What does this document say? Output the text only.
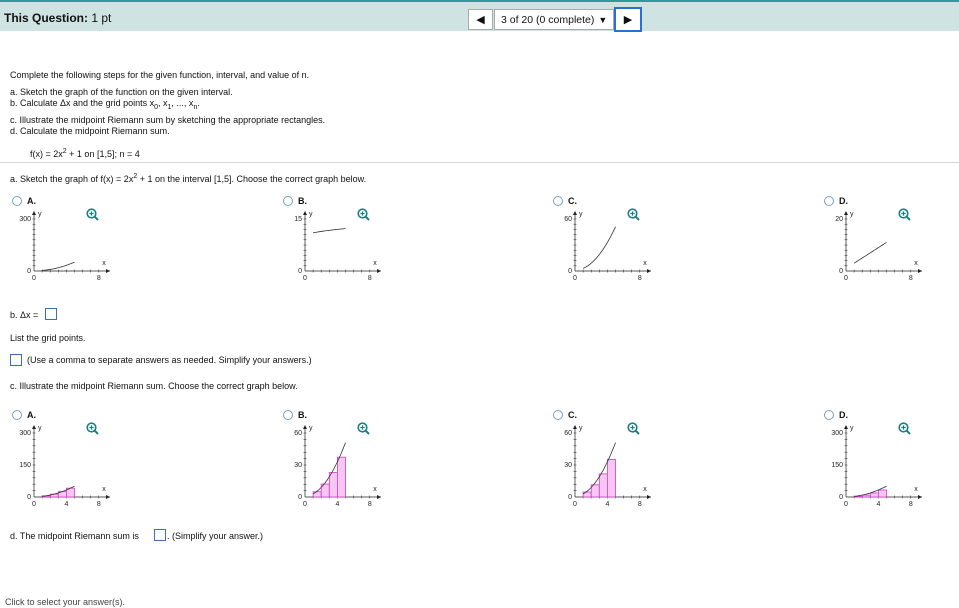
This Question: 1 pt	◀ 3 of 20 (0 complete) ▼ ▶
Complete the following steps for the given function, interval, and value of n.
a. Sketch the graph of the function on the given interval.
b. Calculate Δx and the grid points $x_0$, $x_1$, ..., $x_n$.
c. Illustrate the midpoint Riemann sum by sketching the appropriate rectangles.
d. Calculate the midpoint Riemann sum.
$f(x) = 2x^2 + 1$ on [1,5]; n = 4
a. Sketch the graph of $f(x) = 2x^2 + 1$ on the interval [1,5]. Choose the correct graph below.
A.
300
0
0	8
x
y
B.
15
0
0	8
x
y
C.
60
0
0	8
x
y
D.
20
0
0	8
x
y
b. Δx =
List the grid points.
(Use a comma to separate answers as needed. Simplify your answers.)
c. Illustrate the midpoint Riemann sum. Choose the correct graph below.
A.
300
0
0	8
x
y
150
4
B.
60
0
0	8
x
y
30
4
C.
60
0
0	8
x
y
30
4
D.
300
0
0	8
x
y
150
4
d. The midpoint Riemann sum is	. (Simplify your answer.)
Click to select your answer(s).
